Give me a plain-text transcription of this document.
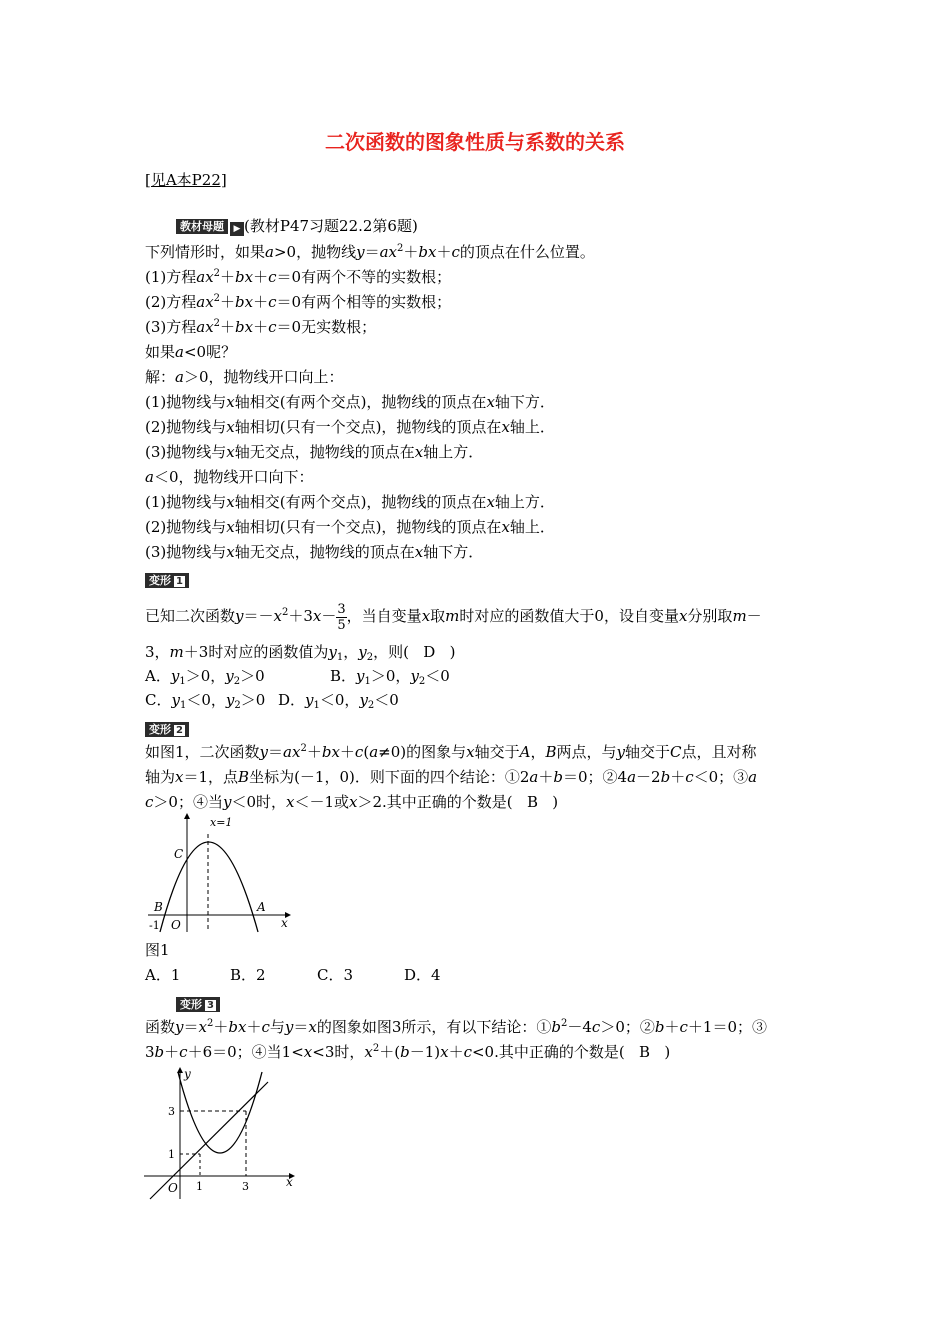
二次函数的图象性质与系数的关系
[见A本P22]
教材母题 ▶ (教材P47习题22.2第6题)
下列情形时，如果a>0，抛物线$y=ax^2+bx+c$的顶点在什么位置。
(1)方程$ax^2+bx+c=0$有两个不等的实数根；
(2)方程$ax^2+bx+c=0$有两个相等的实数根；
(3)方程$ax^2+bx+c=0$无实数根；
如果a<0呢？
解：a＞0，抛物线开口向上：
(1)抛物线与x轴相交(有两个交点)，抛物线的顶点在x轴下方．
(2)抛物线与x轴相切(只有一个交点)，抛物线的顶点在x轴上．
(3)抛物线与x轴无交点，抛物线的顶点在x轴上方．
a＜0，抛物线开口向下：
(1)抛物线与x轴相交(有两个交点)，抛物线的顶点在x轴上方．
(2)抛物线与x轴相切(只有一个交点)，抛物线的顶点在x轴上．
(3)抛物线与x轴无交点，抛物线的顶点在x轴下方．
变形 1
已知二次函数$y=-x^2+3x- \frac{3}{5}$ ，当自变量x取m时对应的函数值大于0，设自变量x分别取m－
3，m＋3时对应的函数值为$y_1$，$y_2$，则( D   )
A．$y_1>0$，$y_2>0$	B．$y_1>0$，$y_2<0$
C．$y_1<0$，$y_2>0$ D．$y_1<0$，$y_2<0$
变形 2
如图1，二次函数$y=ax^2+bx+c(a\ne 0)$的图象与x轴交于A，B两点，与y轴交于C点，且对称
轴为x＝1，点B坐标为(－1，0)．则下面的四个结论：①2a＋b＝0；②4a－2b＋c＜0；③a
c＞0；④当y＜0时，x＜－1或x＞2.其中正确的个数是( B   )
x=1
C
B	A
O
-1	x
图1
A．1	B．2	C．3	D．4
变形 3
函数$y=x^2+bx+c$与y＝x的图象如图3所示，有以下结论：$①b^2-4c>0$；②b＋c＋1＝0；③
3b＋c＋6＝0；④当1<x<3时，$x^2+(b-1)x+c<0$.其中正确的个数是( B   )
y
x
O
3
1
1	3
